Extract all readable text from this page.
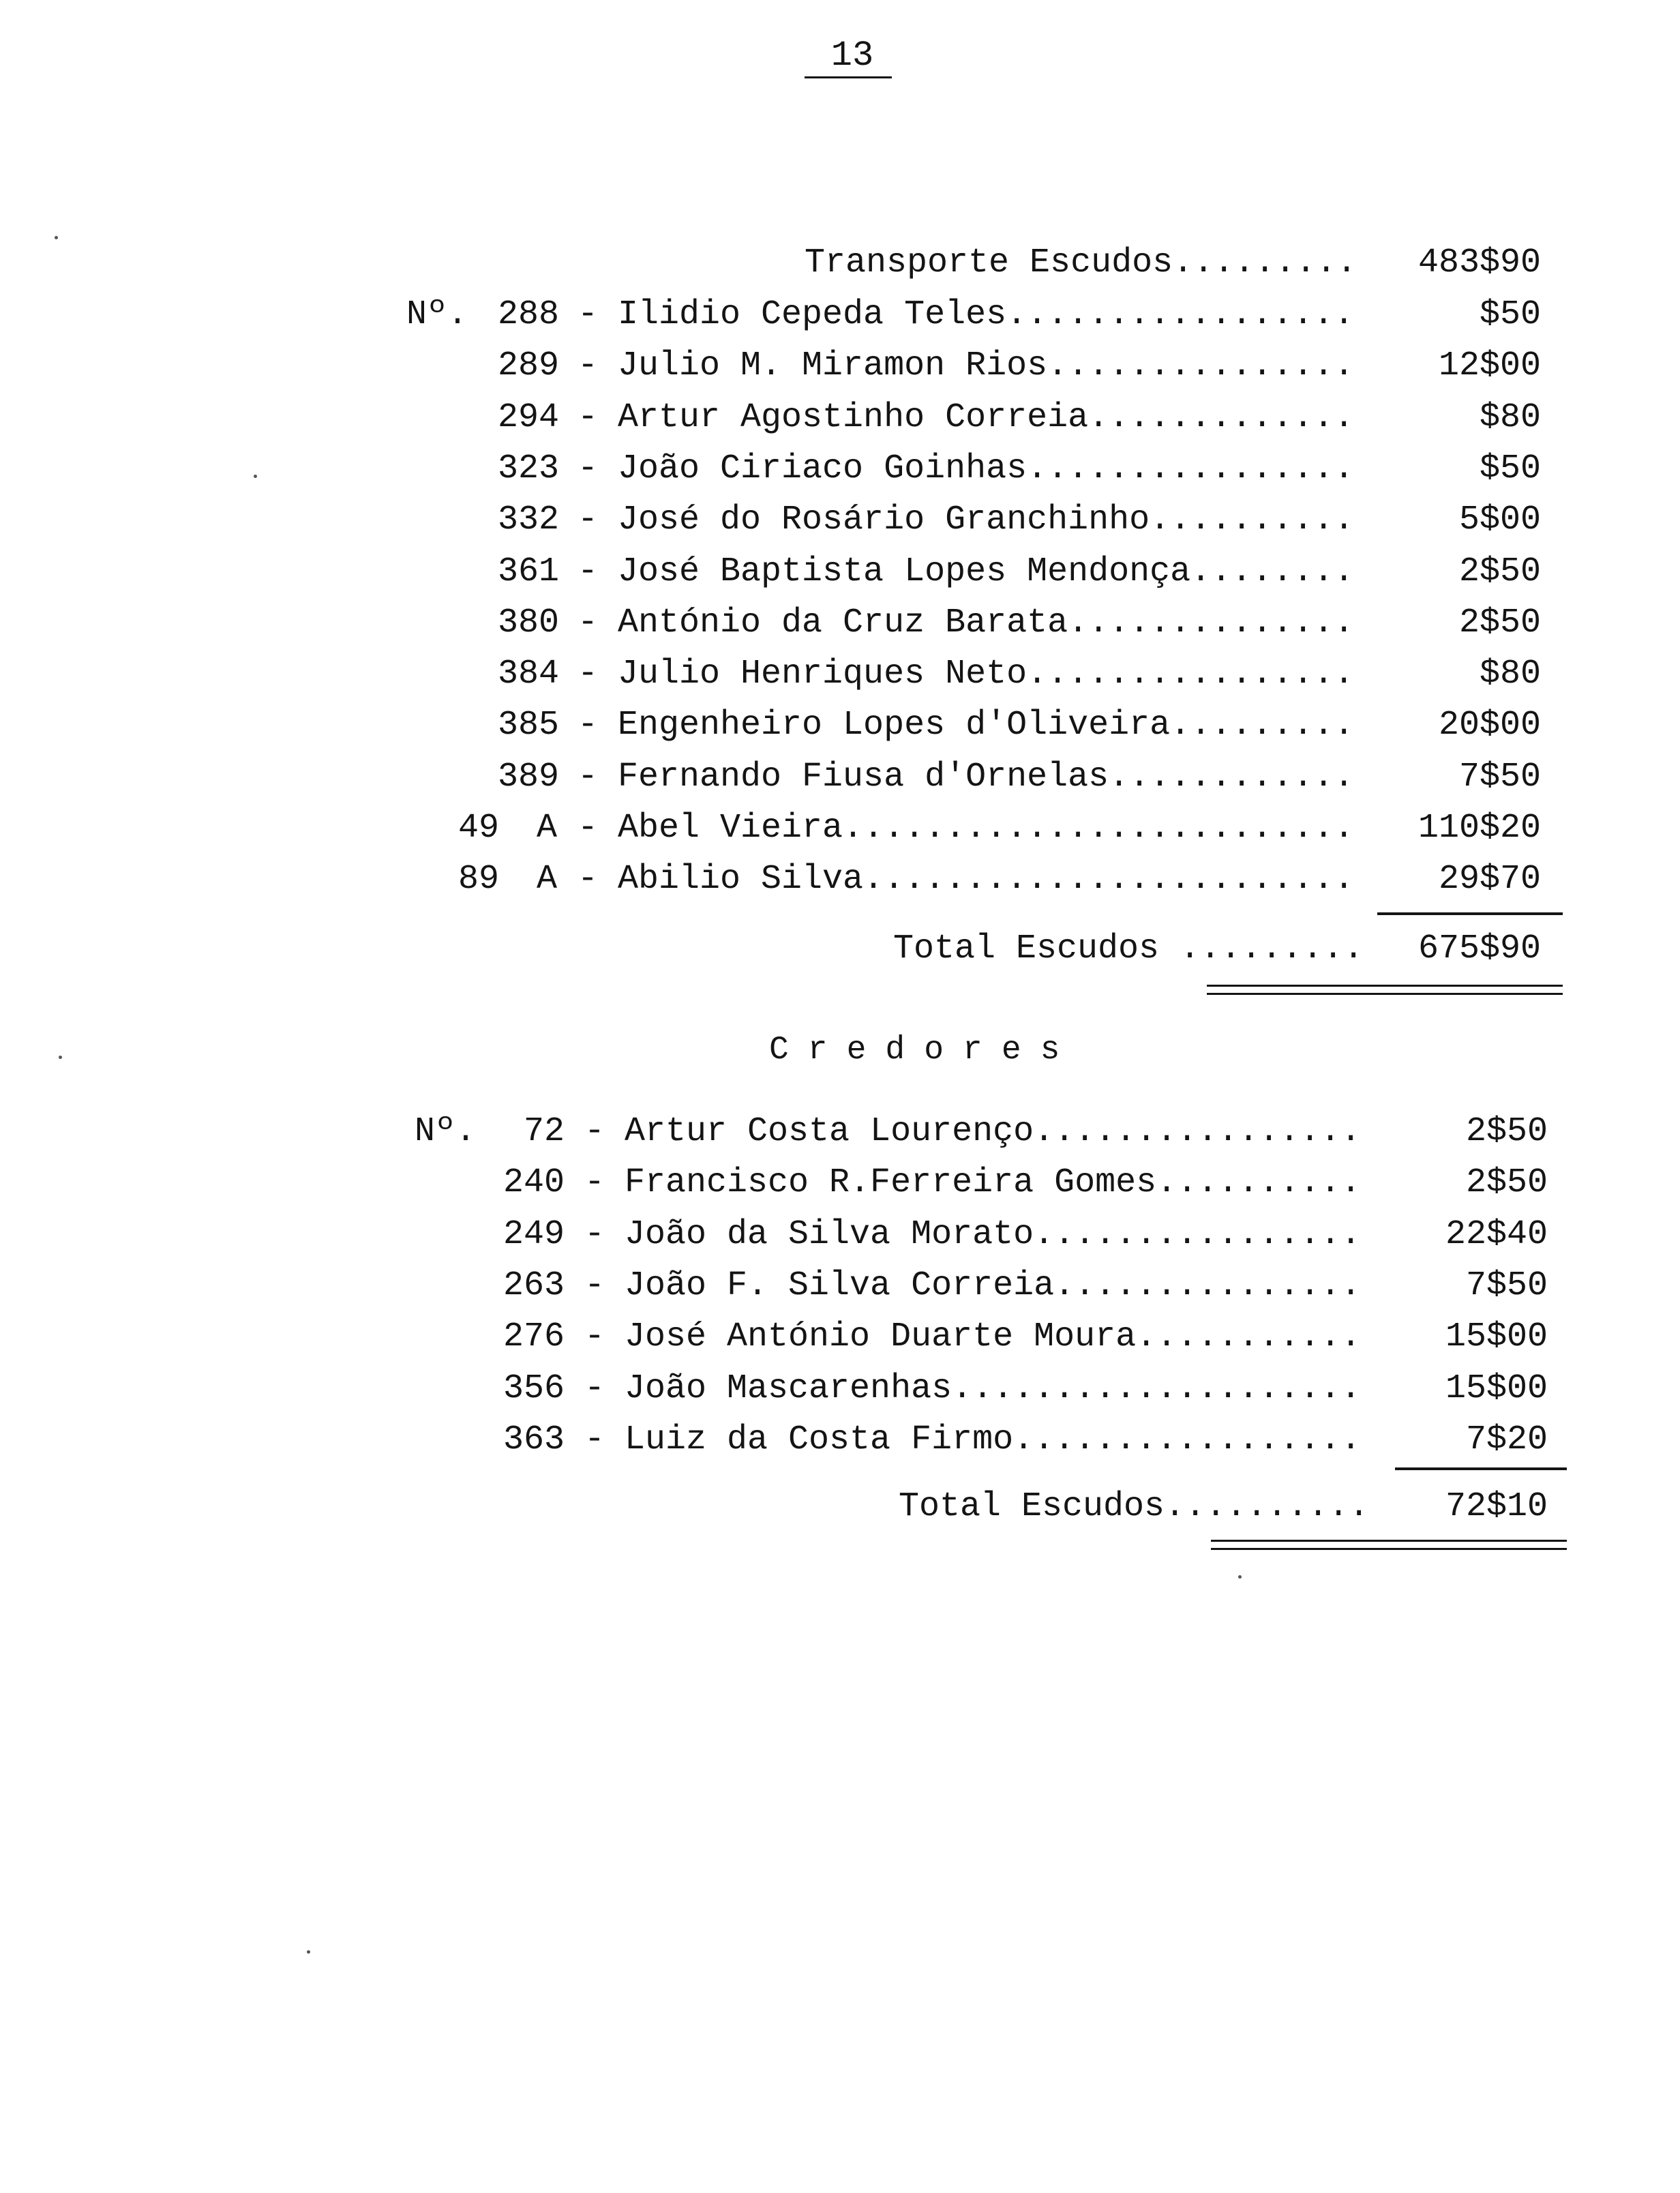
13
Transporte Escudos.........	483$90
Nº. 288 - Ilidio Cepeda Teles.................	$50
289 - Julio M. Miramon Rios...............	12$00
294 - Artur Agostinho Correia.............	$80
323 - João Ciriaco Goinhas................	$50
332 - José do Rosário Granchinho..........	5$00
361 - José Baptista Lopes Mendonça........	2$50
380 - António da Cruz Barata..............	2$50
384 - Julio Henriques Neto................	$80
385 - Engenheiro Lopes d'Oliveira.........	20$00
389 - Fernando Fiusa d'Ornelas............	7$50
49 A - Abel Vieira.........................	110$20
89 A - Abilio Silva........................	29$70
Total Escudos .........	675$90
Credores
Nº.	72 - Artur Costa Lourenço................	2$50
240 - Francisco R.Ferreira Gomes..........	2$50
249 - João da Silva Morato................	22$40
263 - João F. Silva Correia...............	7$50
276 - José António Duarte Moura...........	15$00
356 - João Mascarenhas....................	15$00
363 - Luiz da Costa Firmo.................	7$20
Total Escudos..........	72$10
